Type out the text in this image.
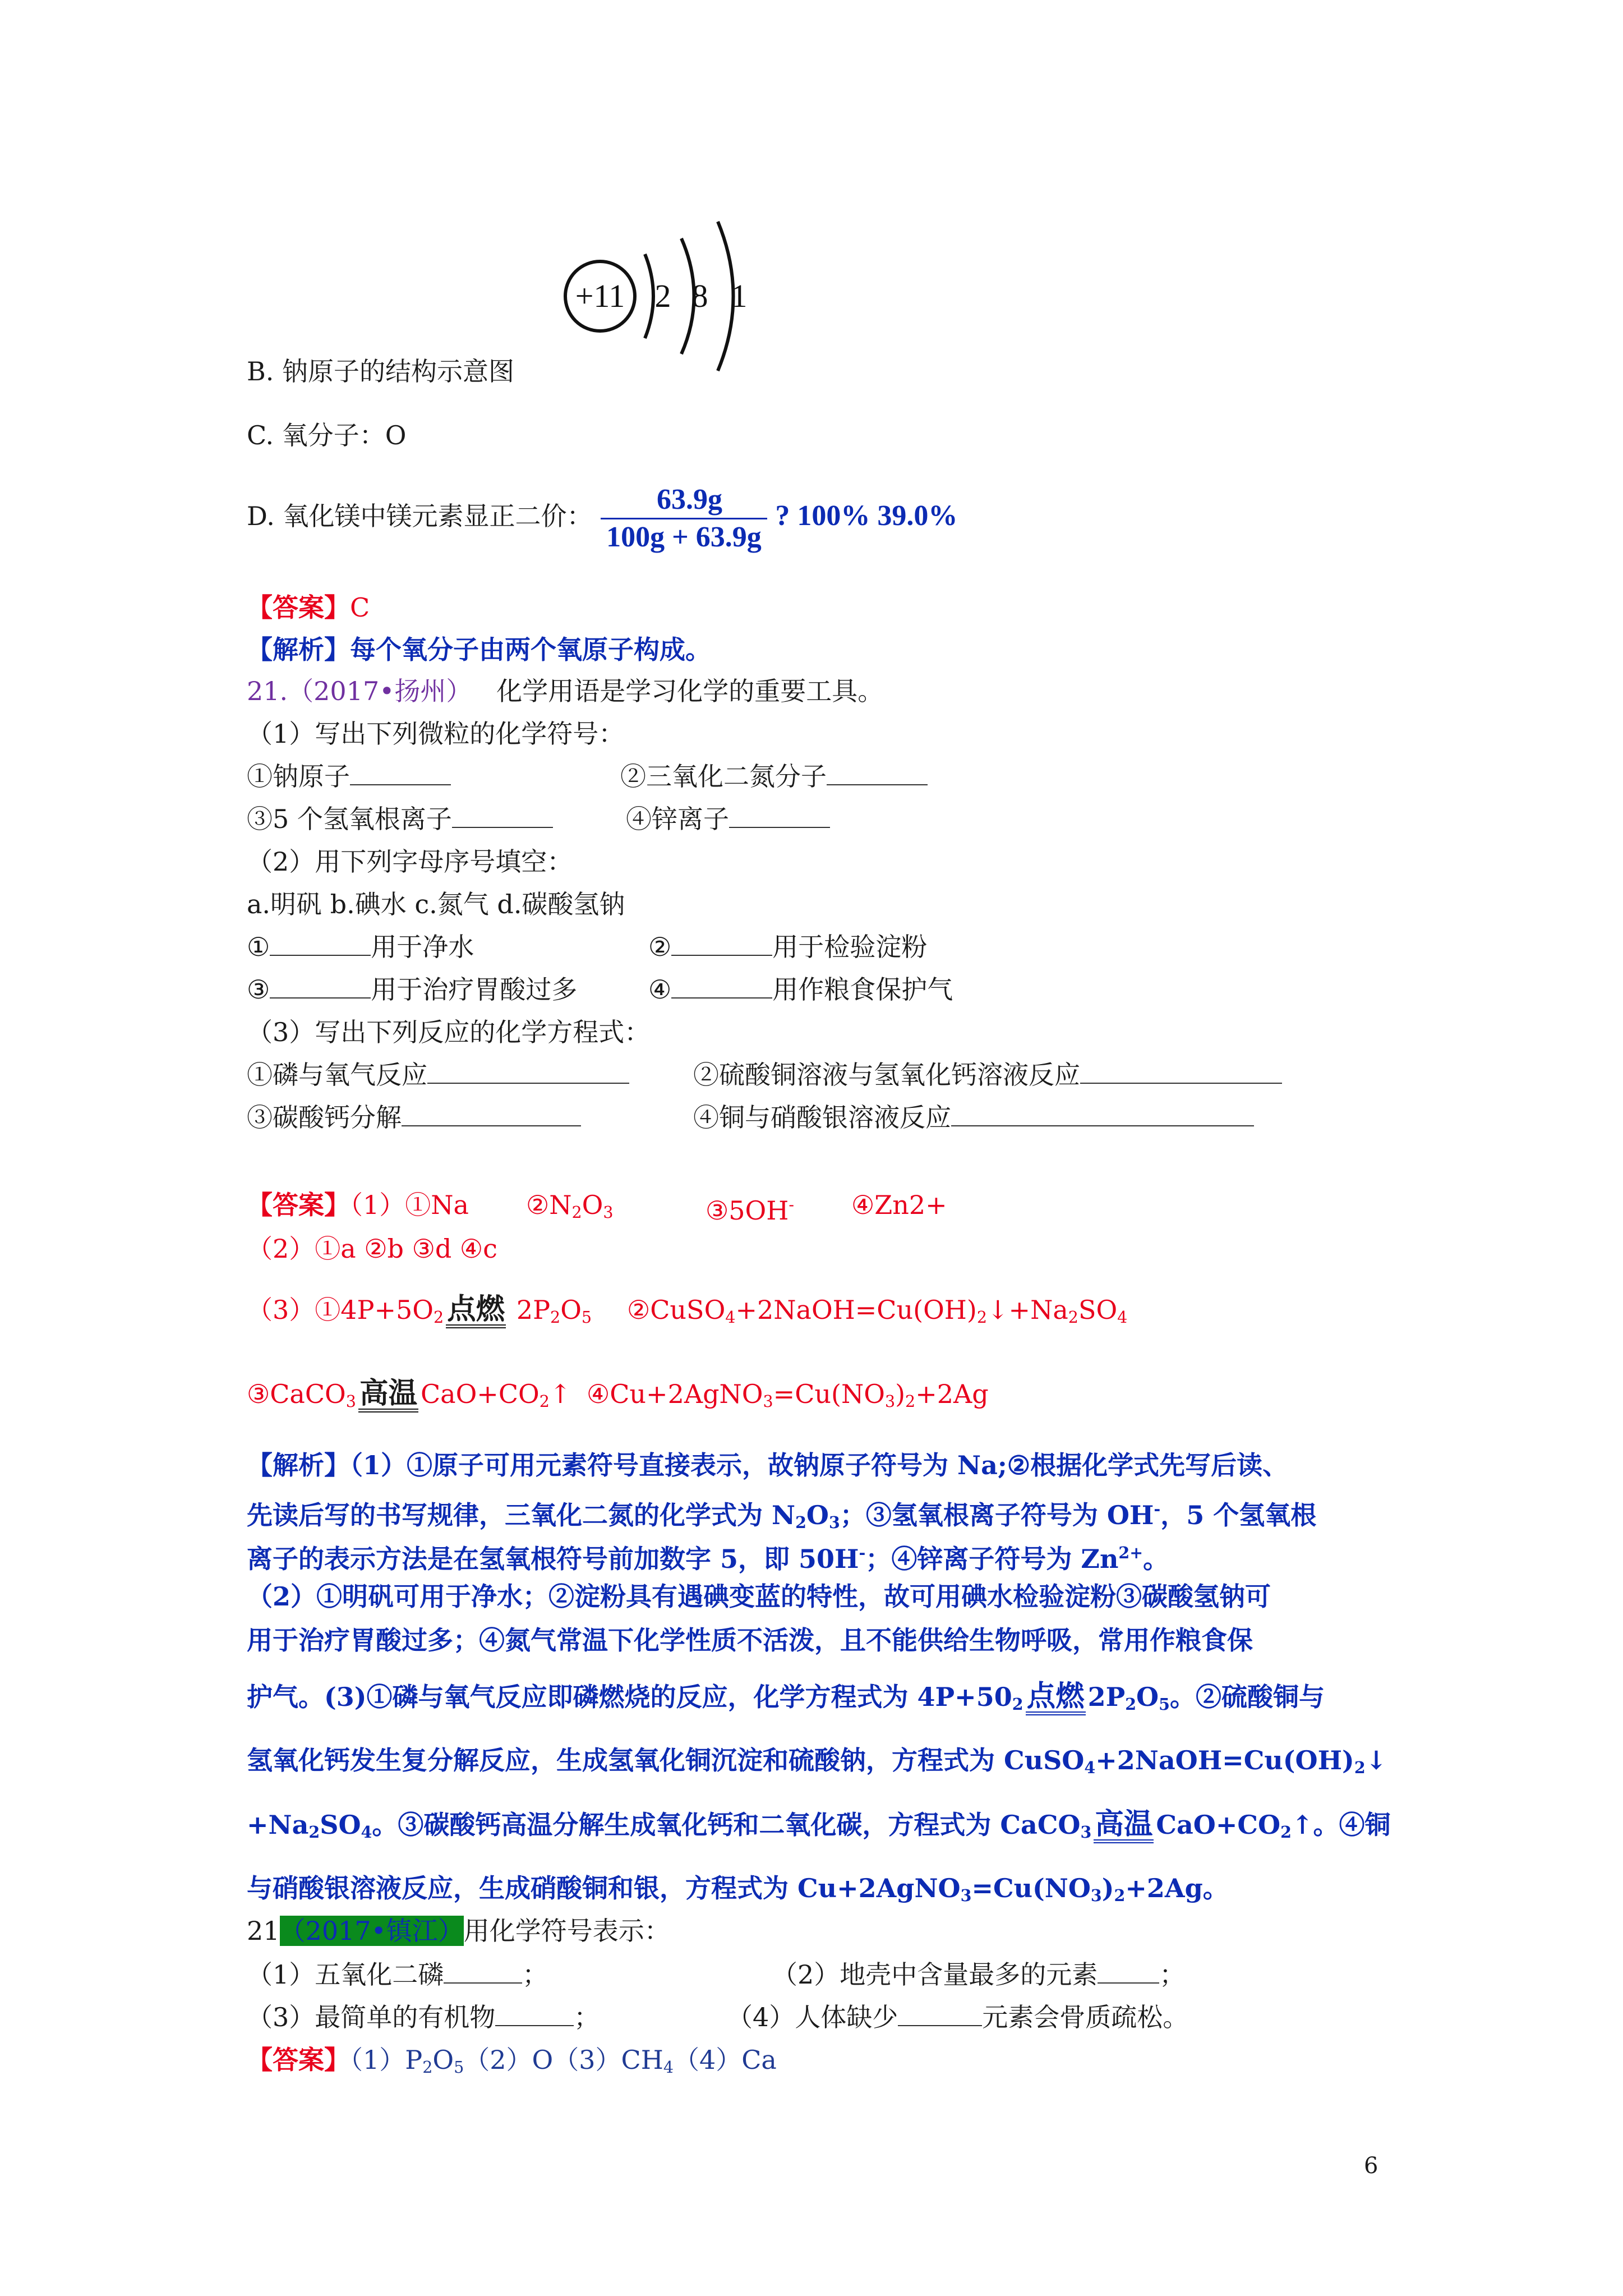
+11 2 8 1
B. 钠原子的结构示意图
C. 氧分子：O
D. 氧化镁中镁元素显正二价： $\frac{63.9g}{100g + 63.9g}$ ? 100% 39.0%
【答案】C
【解析】每个氧分子由两个氧原子构成。
21.（2017•扬州） 化学用语是学习化学的重要工具。
（1）写出下列微粒的化学符号：
①钠原子	②三氧化二氮分子
③5 个氢氧根离子	④锌离子
（2）用下列字母序号填空：
a.明矾 b.碘水 c.氮气 d.碳酸氢钠
①	用于净水	②	用于检验淀粉
③	用于治疗胃酸过多	④	用作粮食保护气
（3）写出下列反应的化学方程式：
①磷与氧气反应	②硫酸铜溶液与氢氧化钙溶液反应
③碳酸钙分解	④铜与硝酸银溶液反应
【答案】（1）①Na $②N_2O_3$	③5OH- ④Zn2+
（2）①a ②b ③d ④c
$(3)①4P+5O_2$ 点燃 $2P_2O_5$ $②CuSO_4+2NaOH=Cu(OH)_2↓+Na_2SO_4$
③CaCO$_3$ 高温 $CaO+CO_2↑$ $④Cu+2AgNO_3=Cu(NO_3)_2+2Ag$
【解析】（1）①原子可用元素符号直接表示，故钠原子符号为 Na;②根据化学式先写后读、
先读后写的书写规律，三氧化二氮的化学式为 $N_2O_3$；③氢氧根离子符号为 OH-，5 个氢氧根
离子的表示方法是在氢氧根符号前加数字 5，即 50H-；④锌离子符号为 $Zn^{2+}$。
（2）①明矾可用于净水；②淀粉具有遇碘变蓝的特性，故可用碘水检验淀粉③碳酸氢钠可
用于治疗胃酸过多；④氮气常温下化学性质不活泼，且不能供给生物呼吸，常用作粮食保
护气。(3)①磷与氧气反应即磷燃烧的反应，化学方程式为 $4P+50_2$ 点燃 $2P_2O_5$。②硫酸铜与
氢氧化钙发生复分解反应，生成氢氧化铜沉淀和硫酸钠，方程式为 $CuSO_4+2NaOH=Cu(OH)_2↓$
$+Na_2SO_4$。③碳酸钙高温分解生成氧化钙和二氧化碳，方程式为 CaCO$_3$ 高温 $CaO+CO_2↑$。④铜
与硝酸银溶液反应，生成硝酸铜和银，方程式为 $Cu+2AgNO_3=Cu(NO_3)_2+2Ag$。
21（2017•镇江）用化学符号表示：
（1）五氧化二磷	；	（2）地壳中含量最多的元素 ；
（3）最简单的有机物	；	（4）人体缺少	元素会骨质疏松。
【答案】$(1)P_2O_5(2)O(3)CH_4(4)Ca$
6
